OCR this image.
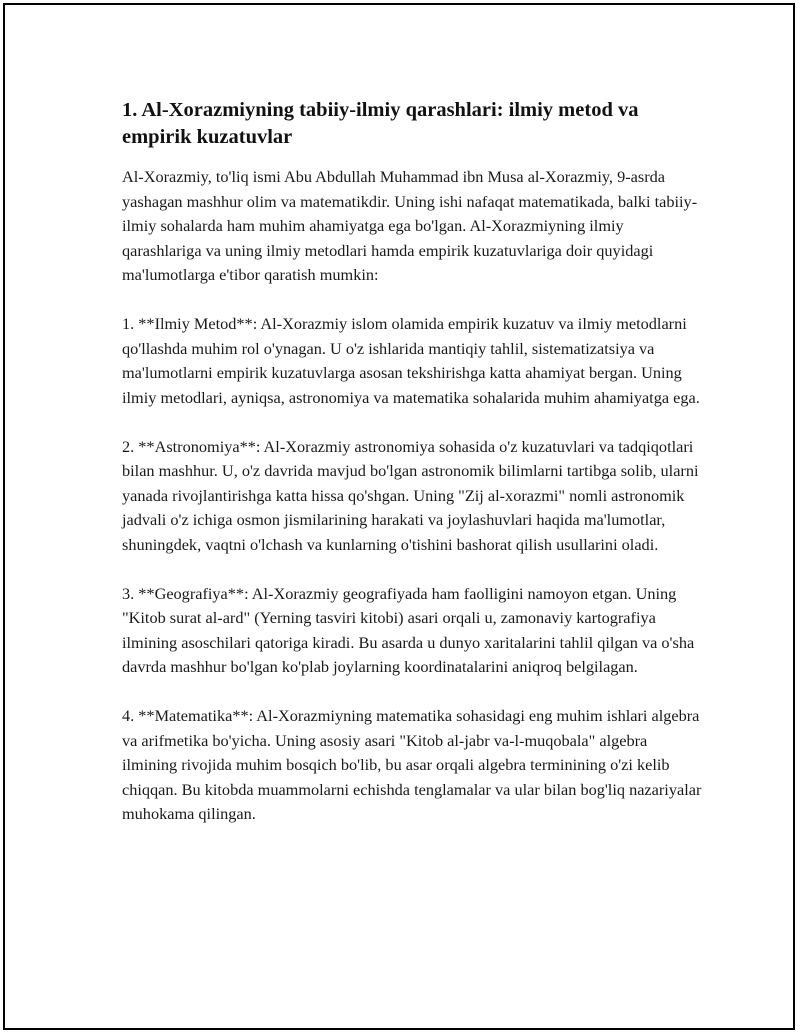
1. Al-Xorazmiyning tabiiy-ilmiy qarashlari: ilmiy metod va empirik kuzatuvlar

Al-Xorazmiy, to'liq ismi Abu Abdullah Muhammad ibn Musa al-Xorazmiy, 9-asrda yashagan mashhur olim va matematikdir. Uning ishi nafaqat matematikada, balki tabiiy-ilmiy sohalarda ham muhim ahamiyatga ega bo'lgan. Al-Xorazmiyning ilmiy qarashlariga va uning ilmiy metodlari hamda empirik kuzatuvlariga doir quyidagi ma'lumotlarga e'tibor qaratish mumkin:

1. **Ilmiy Metod**: Al-Xorazmiy islom olamida empirik kuzatuv va ilmiy metodlarni qo'llashda muhim rol o'ynagan. U o'z ishlarida mantiqiy tahlil, sistematizatsiya va ma'lumotlarni empirik kuzatuvlarga asosan tekshirishga katta ahamiyat bergan. Uning ilmiy metodlari, ayniqsa, astronomiya va matematika sohalarida muhim ahamiyatga ega.

2. **Astronomiya**: Al-Xorazmiy astronomiya sohasida o'z kuzatuvlari va tadqiqotlari bilan mashhur. U, o'z davrida mavjud bo'lgan astronomik bilimlarni tartibga solib, ularni yanada rivojlantirishga katta hissa qo'shgan. Uning "Zij al-xorazmi" nomli astronomik jadvali o'z ichiga osmon jismilarining harakati va joylashuvlari haqida ma'lumotlar, shuningdek, vaqtni o'lchash va kunlarning o'tishini bashorat qilish usullarini oladi.

3. **Geografiya**: Al-Xorazmiy geografiyada ham faolligini namoyon etgan. Uning "Kitob surat al-ard" (Yerning tasviri kitobi) asari orqali u, zamonaviy kartografiya ilmining asoschilari qatoriga kiradi. Bu asarda u dunyo xaritalarini tahlil qilgan va o'sha davrda mashhur bo'lgan ko'plab joylarning koordinatalarini aniqroq belgilagan.

4. **Matematika**: Al-Xorazmiyning matematika sohasidagi eng muhim ishlari algebra va arifmetika bo'yicha. Uning asosiy asari "Kitob al-jabr va-l-muqobala" algebra ilmining rivojida muhim bosqich bo'lib, bu asar orqali algebra terminining o'zi kelib chiqqan. Bu kitobda muammolarni echishda tenglamalar va ular bilan bog'liq nazariyalar muhokama qilingan.
